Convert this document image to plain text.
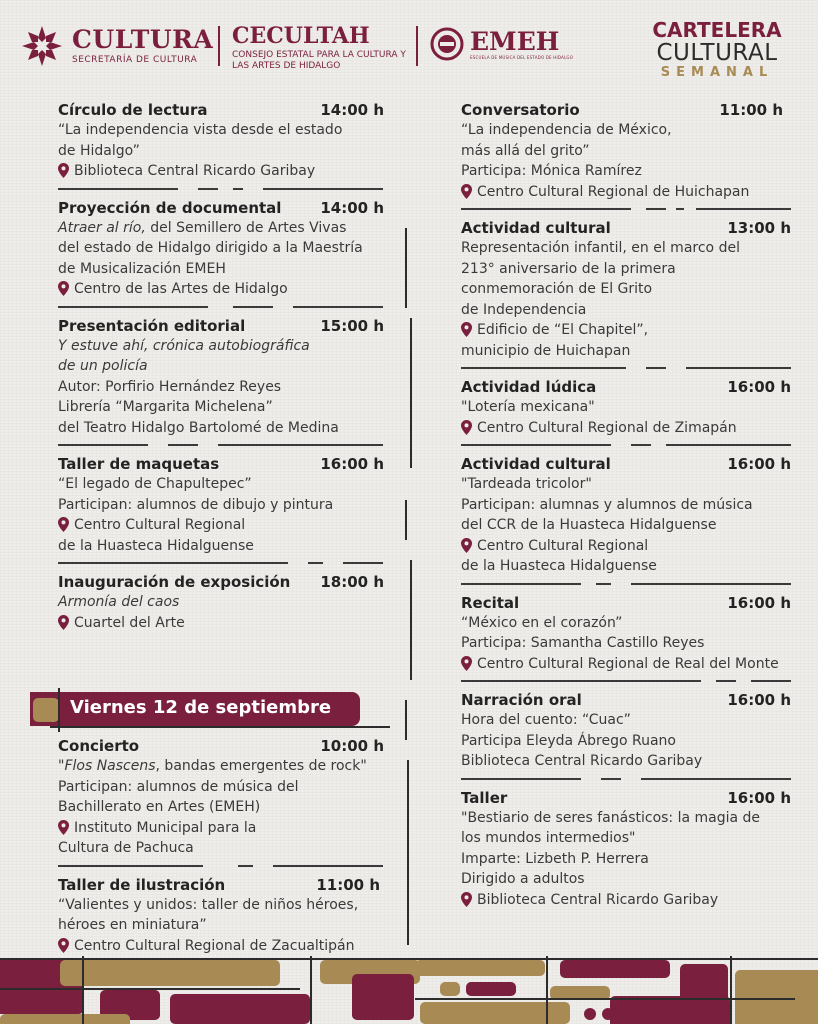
CULTURA
SECRETARÍA DE CULTURA
CECULTAH
CONSEJO ESTATAL PARA LA CULTURA Y LAS ARTES DE HIDALGO
EMEH
ESCUELA DE MÚSICA DEL ESTADO DE HIDALGO
CARTELERA
CULTURAL
SEMANAL
Círculo de lectura	14:00 h
“La independencia vista desde el estado
de Hidalgo”
Biblioteca Central Ricardo Garibay
Proyección de documental	14:00 h
Atraer al río, del Semillero de Artes Vivas
del estado de Hidalgo dirigido a la Maestría
de Musicalización EMEH
Centro de las Artes de Hidalgo
Presentación editorial	15:00 h
Y estuve ahí, crónica autobiográfica
de un policía
Autor: Porfirio Hernández Reyes
Librería “Margarita Michelena”
del Teatro Hidalgo Bartolomé de Medina
Taller de maquetas	16:00 h
“El legado de Chapultepec”
Participan: alumnos de dibujo y pintura
Centro Cultural Regional
de la Huasteca Hidalguense
Inauguración de exposición 18:00 h
Armonía del caos
Cuartel del Arte
Viernes 12 de septiembre
Concierto	10:00 h
"Flos Nascens, bandas emergentes de rock"
Participan: alumnos de música del
Bachillerato en Artes (EMEH)
Instituto Municipal para la
Cultura de Pachuca
Taller de ilustración	11:00 h
“Valientes y unidos: taller de niños héroes,
héroes en miniatura”
Centro Cultural Regional de Zacualtipán
Conversatorio	11:00 h
“La independencia de México,
más allá del grito”
Participa: Mónica Ramírez
Centro Cultural Regional de Huichapan
Actividad cultural	13:00 h
Representación infantil, en el marco del
213° aniversario de la primera
conmemoración de El Grito
de Independencia
Edificio de “El Chapitel”,
municipio de Huichapan
Actividad lúdica	16:00 h
"Lotería mexicana"
Centro Cultural Regional de Zimapán
Actividad cultural	16:00 h
"Tardeada tricolor"
Participan: alumnas y alumnos de música
del CCR de la Huasteca Hidalguense
Centro Cultural Regional
de la Huasteca Hidalguense
Recital	16:00 h
“México en el corazón”
Participa: Samantha Castillo Reyes
Centro Cultural Regional de Real del Monte
Narración oral	16:00 h
Hora del cuento: “Cuac”
Participa Eleyda Ábrego Ruano
Biblioteca Central Ricardo Garibay
Taller	16:00 h
"Bestiario de seres fanásticos: la magia de
los mundos intermedios"
Imparte: Lizbeth P. Herrera
Dirigido a adultos
Biblioteca Central Ricardo Garibay
